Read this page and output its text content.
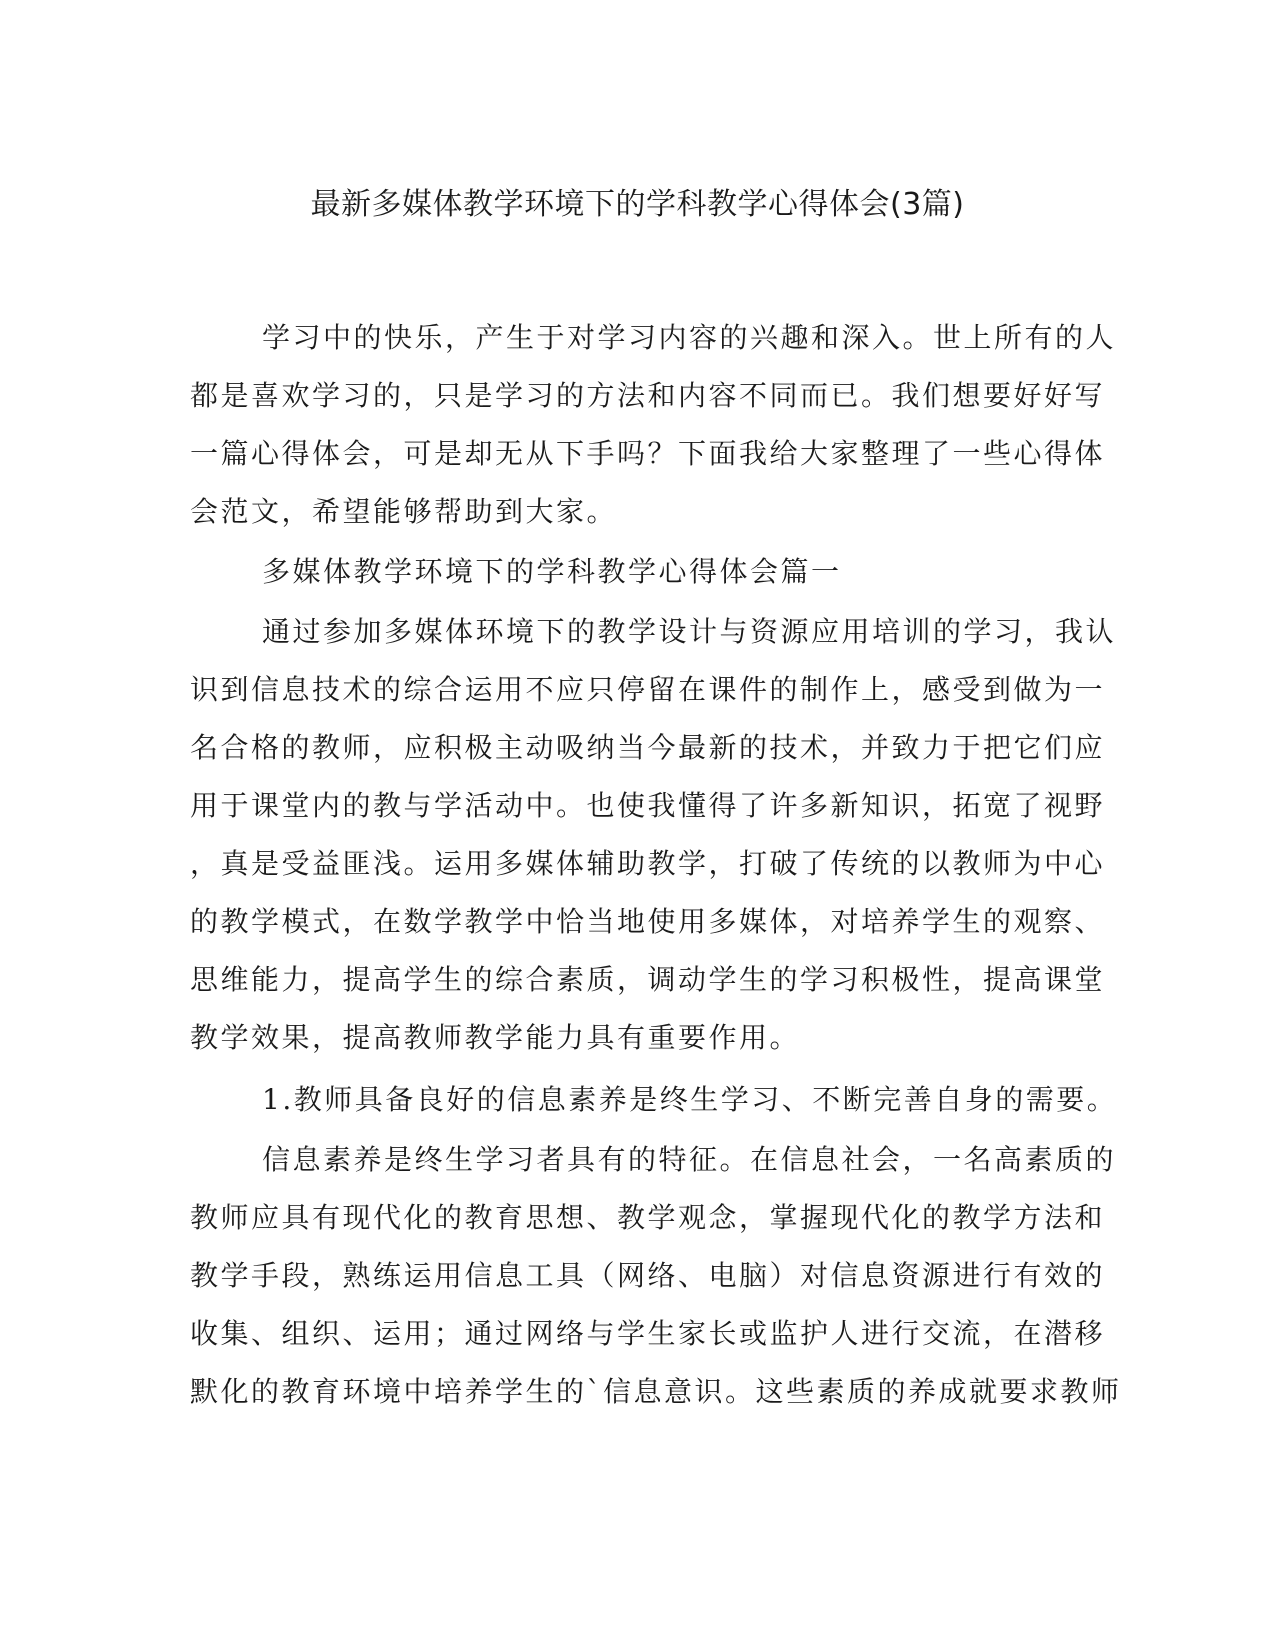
最新多媒体教学环境下的学科教学心得体会(3篇)
学习中的快乐，产生于对学习内容的兴趣和深入。世上所有的人
都是喜欢学习的，只是学习的方法和内容不同而已。我们想要好好写
一篇心得体会，可是却无从下手吗？下面我给大家整理了一些心得体
会范文，希望能够帮助到大家。
多媒体教学环境下的学科教学心得体会篇一
通过参加多媒体环境下的教学设计与资源应用培训的学习，我认
识到信息技术的综合运用不应只停留在课件的制作上，感受到做为一
名合格的教师，应积极主动吸纳当今最新的技术，并致力于把它们应
用于课堂内的教与学活动中。也使我懂得了许多新知识，拓宽了视野
，真是受益匪浅。运用多媒体辅助教学，打破了传统的以教师为中心
的教学模式，在数学教学中恰当地使用多媒体，对培养学生的观察、
思维能力，提高学生的综合素质，调动学生的学习积极性，提高课堂
教学效果，提高教师教学能力具有重要作用。
1.教师具备良好的信息素养是终生学习、不断完善自身的需要。
信息素养是终生学习者具有的特征。在信息社会，一名高素质的
教师应具有现代化的教育思想、教学观念，掌握现代化的教学方法和
教学手段，熟练运用信息工具（网络、电脑）对信息资源进行有效的
收集、组织、运用；通过网络与学生家长或监护人进行交流，在潜移
默化的教育环境中培养学生的`信息意识。这些素质的养成就要求教师
